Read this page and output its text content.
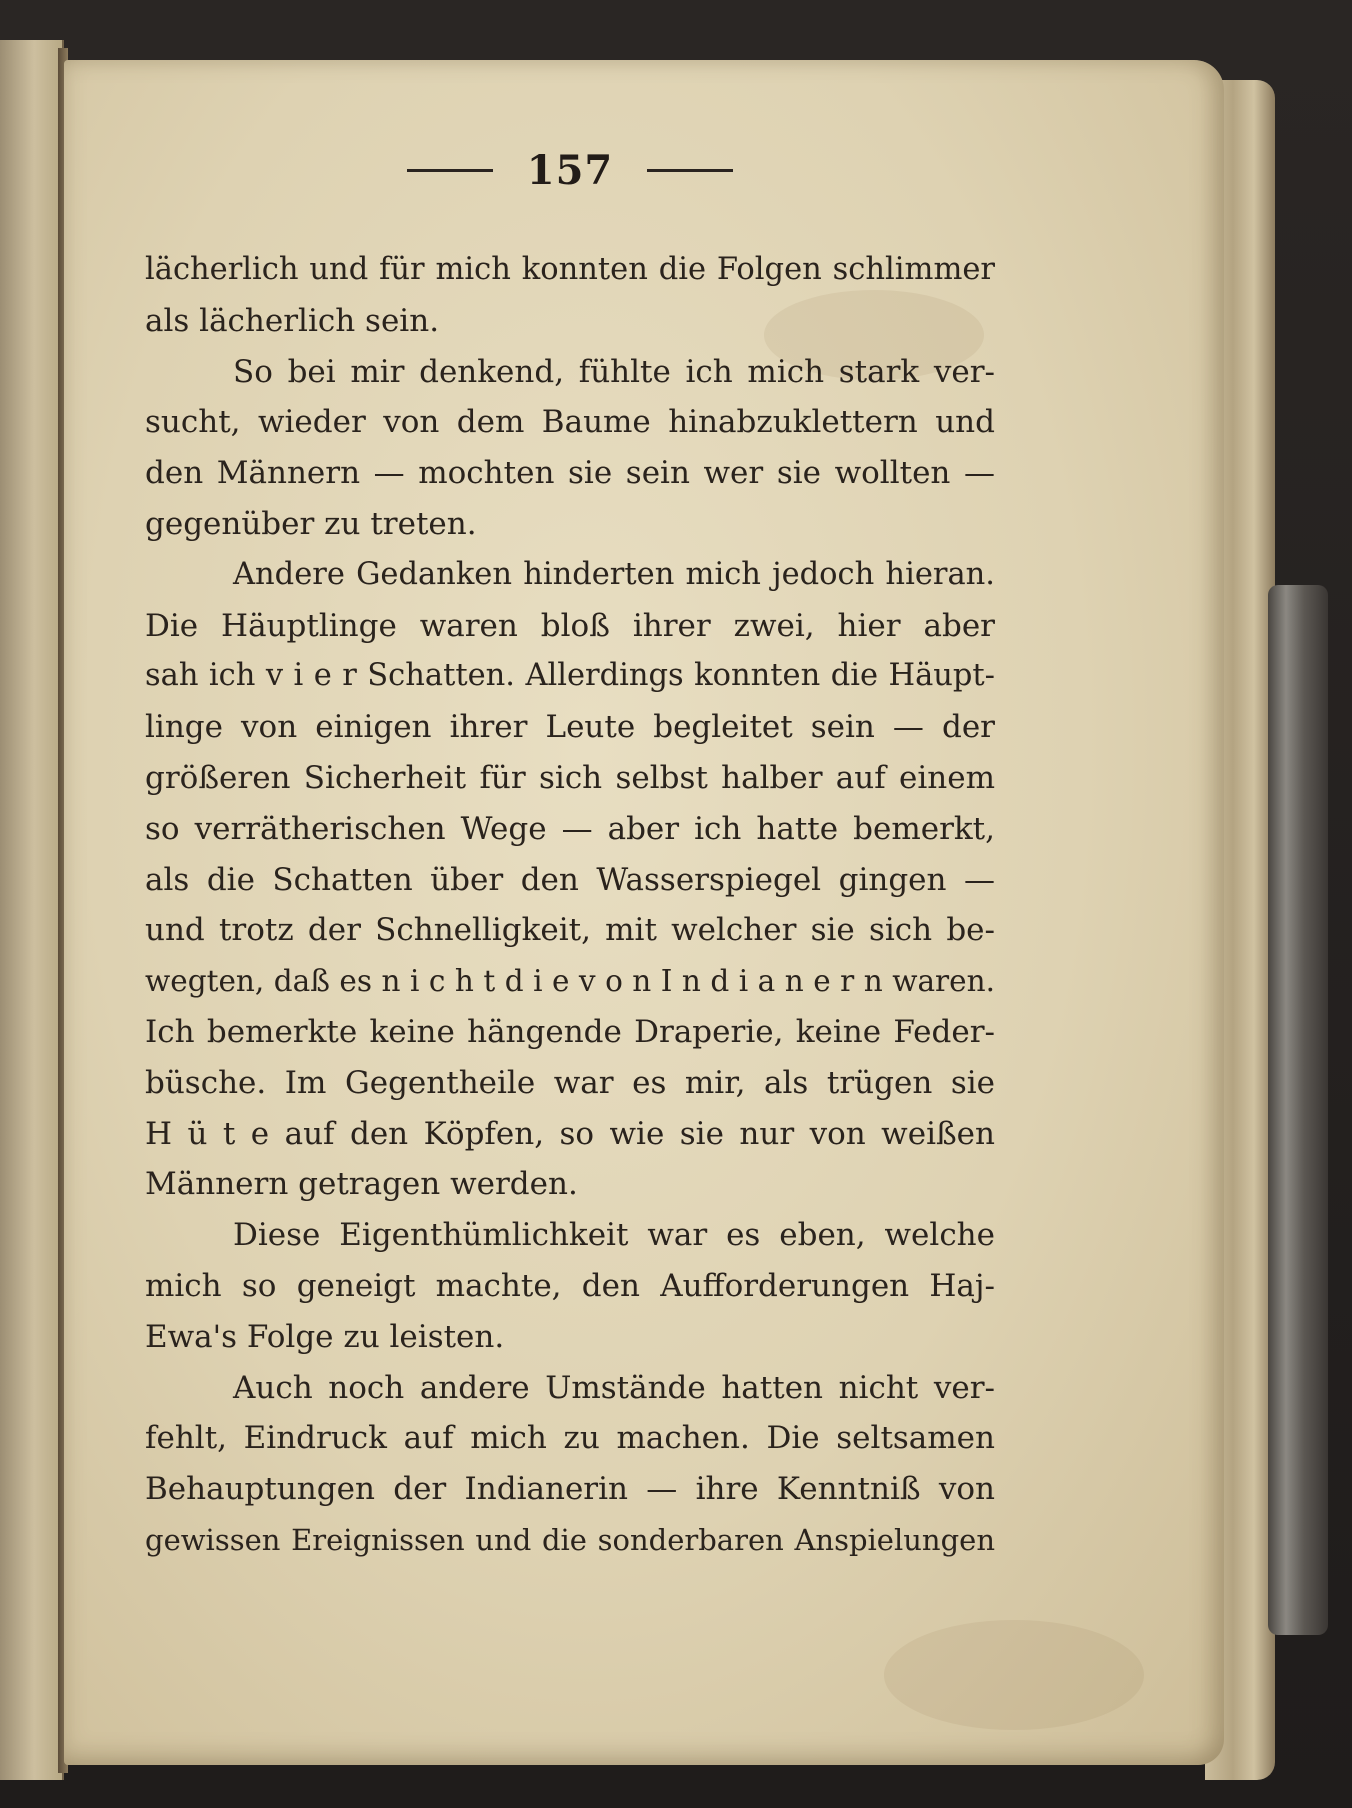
157
lächerlich und für mich konnten die Folgen schlimmer
als lächerlich sein.
So bei mir denkend, fühlte ich mich stark ver-
sucht, wieder von dem Baume hinabzuklettern und
den Männern — mochten sie sein wer sie wollten —
gegenüber zu treten.
Andere Gedanken hinderten mich jedoch hieran.
Die Häuptlinge waren bloß ihrer zwei, hier aber
sah ich v i e r Schatten. Allerdings konnten die Häupt-
linge von einigen ihrer Leute begleitet sein — der
größeren Sicherheit für sich selbst halber auf einem
so verrätherischen Wege — aber ich hatte bemerkt,
als die Schatten über den Wasserspiegel gingen —
und trotz der Schnelligkeit, mit welcher sie sich be-
wegten, daß es n i c h t d i e v o n I n d i a n e r n waren.
Ich bemerkte keine hängende Draperie, keine Feder-
büsche. Im Gegentheile war es mir, als trügen sie
H ü t e auf den Köpfen, so wie sie nur von weißen
Männern getragen werden.
Diese Eigenthümlichkeit war es eben, welche
mich so geneigt machte, den Aufforderungen Haj-
Ewa's Folge zu leisten.
Auch noch andere Umstände hatten nicht ver-
fehlt, Eindruck auf mich zu machen. Die seltsamen
Behauptungen der Indianerin — ihre Kenntniß von
gewissen Ereignissen und die sonderbaren Anspielungen
